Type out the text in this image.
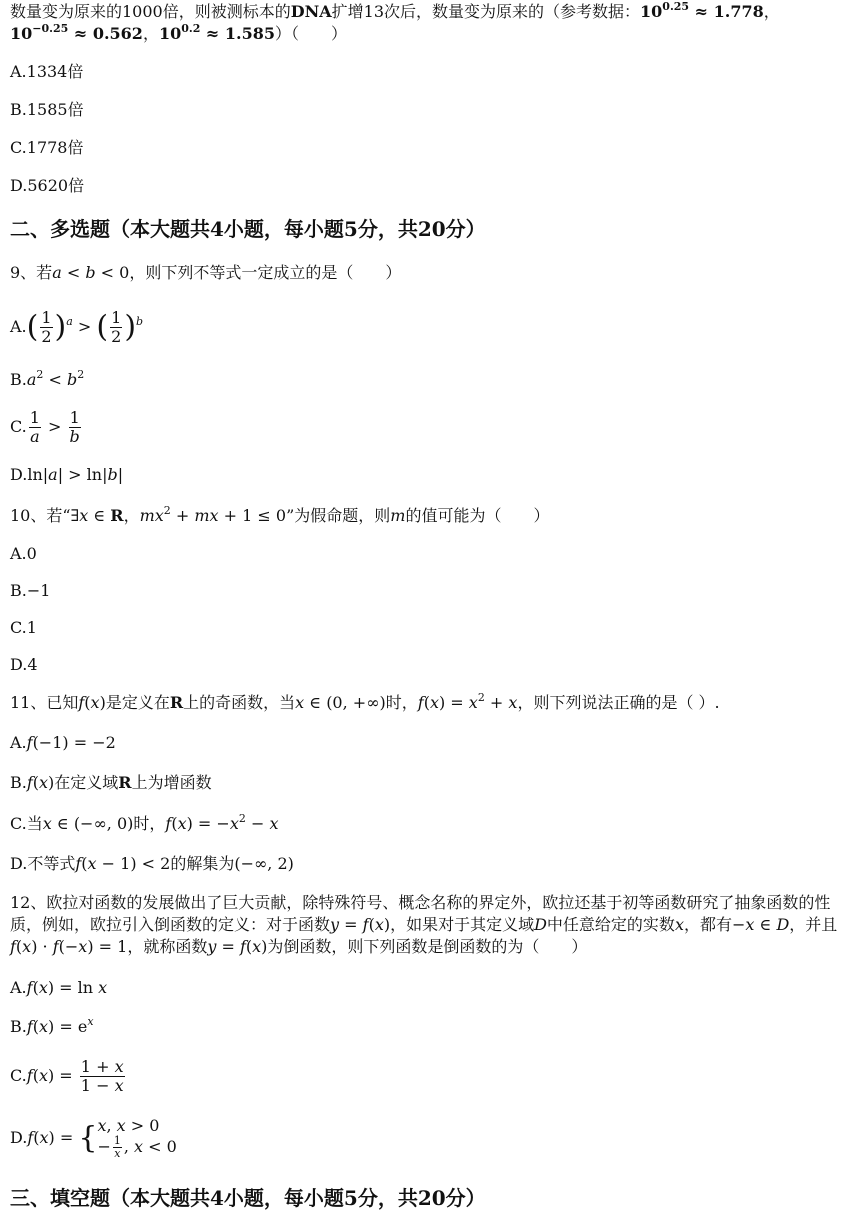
数量变为原来的1000倍，则被测标本的DNA扩增13次后，数量变为原来的（参考数据：$10^{0.25} \approx 1.778$，
$10^{-0.25} \approx 0.562$，$10^{0.2} \approx 1.585$）（　　）
A.1334倍
B.1585倍
C.1778倍
D.5620倍
二、多选题（本大题共4小题，每小题5分，共20分）
9、若a < b < 0，则下列不等式一定成立的是（　　）
$A.( \frac{1}{2} )^a$ > ( $\frac{1}{2} )^b$
$B.a^2 < b^2$
C. $\frac{1}{a} > \frac{1}{b}$
D.ln|a| > ln|b|
10、若“∃x ∈ R，$mx^2$ + mx + 1 ≤ 0”为假命题，则m的值可能为（　　）
A.0
B.−1
C.1
D.4
11、已知f(x)是定义在R上的奇函数，当x ∈ (0, +∞)时，$f(x) = x^2 + x$，则下列说法正确的是（ ）.
A.f(−1) = −2
B.f(x)在定义域R上为增函数
C.当x ∈ (−∞, 0)时，$f(x) = -x^2 - x$
D.不等式f(x − 1) < 2的解集为(−∞, 2)
12、欧拉对函数的发展做出了巨大贡献，除特殊符号、概念名称的界定外，欧拉还基于初等函数研究了抽象函数的性质，例如，欧拉引入倒函数的定义：对于函数y = f(x)，如果对于其定义域D中任意给定的实数x，都有−x ∈ D，并且f(x) · f(−x) = 1，就称函数y = f(x)为倒函数，则下列函数是倒函数的为（　　）
A.f(x) = ln x
$B.f(x) = e^x$
$C.f(x) = \frac{1 + x}{1 - x}$
D.f(x) = { x, x > 0
− $\frac{1}{x}$ , x < 0
三、填空题（本大题共4小题，每小题5分，共20分）
